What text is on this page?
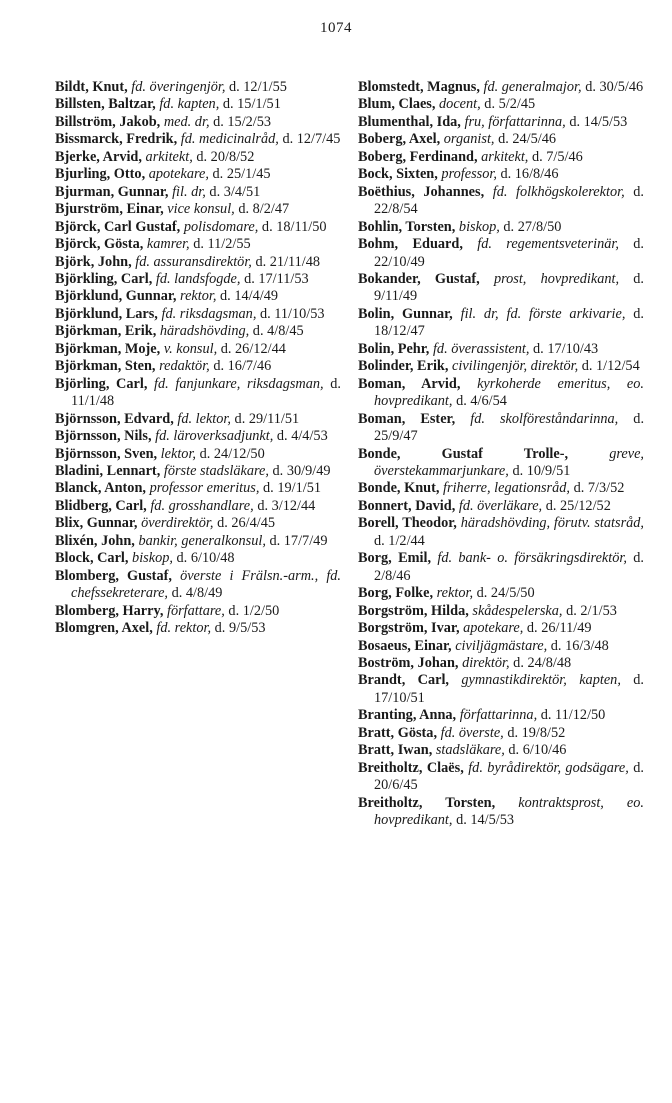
1074

Bildt, Knut, fd. överingenjör, d. 12/1/55

Billsten, Baltzar, fd. kapten, d. 15/1/51

Billström, Jakob, med. dr, d. 15/2/53

Bissmarck, Fredrik, fd. medicinalråd, d. 12/7/45

Bjerke, Arvid, arkitekt, d. 20/8/52

Bjurling, Otto, apotekare, d. 25/1/45

Bjurman, Gunnar, fil. dr, d. 3/4/51

Bjurström, Einar, vice konsul, d. 8/2/47

Björck, Carl Gustaf, polisdomare, d. 18/11/50

Björck, Gösta, kamrer, d. 11/2/55

Björk, John, fd. assuransdirektör, d. 21/11/48

Björkling, Carl, fd. landsfogde, d. 17/11/53

Björklund, Gunnar, rektor, d. 14/4/49

Björklund, Lars, fd. riksdagsman, d. 11/10/53

Björkman, Erik, häradshövding, d. 4/8/45

Björkman, Moje, v. konsul, d. 26/12/44

Björkman, Sten, redaktör, d. 16/7/46

Björling, Carl, fd. fanjunkare, riksdagsman, d. 11/1/48

Björnsson, Edvard, fd. lektor, d. 29/11/51

Björnsson, Nils, fd. läroverksadjunkt, d. 4/4/53

Björnsson, Sven, lektor, d. 24/12/50

Bladini, Lennart, förste stadsläkare, d. 30/9/49

Blanck, Anton, professor emeritus, d. 19/1/51

Blidberg, Carl, fd. grosshandlare, d. 3/12/44

Blix, Gunnar, överdirektör, d. 26/4/45

Blixén, John, bankir, generalkonsul, d. 17/7/49

Block, Carl, biskop, d. 6/10/48

Blomberg, Gustaf, överste i Frälsn.-arm., fd. chefssekreterare, d. 4/8/49

Blomberg, Harry, författare, d. 1/2/50

Blomgren, Axel, fd. rektor, d. 9/5/53

Blomstedt, Magnus, fd. generalmajor, d. 30/5/46

Blum, Claes, docent, d. 5/2/45

Blumenthal, Ida, fru, författarinna, d. 14/5/53

Boberg, Axel, organist, d. 24/5/46

Boberg, Ferdinand, arkitekt, d. 7/5/46

Bock, Sixten, professor, d. 16/8/46

Boëthius, Johannes, fd. folkhögskolerektor, d. 22/8/54

Bohlin, Torsten, biskop, d. 27/8/50

Bohm, Eduard, fd. regementsveterinär, d. 22/10/49

Bokander, Gustaf, prost, hovpredikant, d. 9/11/49

Bolin, Gunnar, fil. dr, fd. förste arkivarie, d. 18/12/47

Bolin, Pehr, fd. överassistent, d. 17/10/43

Bolinder, Erik, civilingenjör, direktör, d. 1/12/54

Boman, Arvid, kyrkoherde emeritus, eo. hovpredikant, d. 4/6/54

Boman, Ester, fd. skolföreståndarinna, d. 25/9/47

Bonde, Gustaf Trolle-,	greve, överstekammarjunkare, d. 10/9/51

Bonde, Knut, friherre, legationsråd, d. 7/3/52

Bonnert, David, fd. överläkare, d. 25/12/52

Borell, Theodor, häradshövding, förutv. statsråd, d. 1/2/44

Borg, Emil, fd. bank- o. försäkringsdirektör, d. 2/8/46

Borg, Folke, rektor, d. 24/5/50

Borgström, Hilda, skådespelerska, d. 2/1/53

Borgström, Ivar, apotekare, d. 26/11/49

Bosaeus, Einar, civiljägmästare, d. 16/3/48

Boström, Johan, direktör, d. 24/8/48

Brandt, Carl, gymnastikdirektör, kapten, d. 17/10/51

Branting, Anna, författarinna, d. 11/12/50

Bratt, Gösta, fd. överste, d. 19/8/52

Bratt, Iwan, stadsläkare, d. 6/10/46

Breitholtz, Claës, fd. byrådirektör, godsägare, d. 20/6/45

Breitholtz, Torsten, kontraktsprost, eo. hovpredikant, d. 14/5/53
